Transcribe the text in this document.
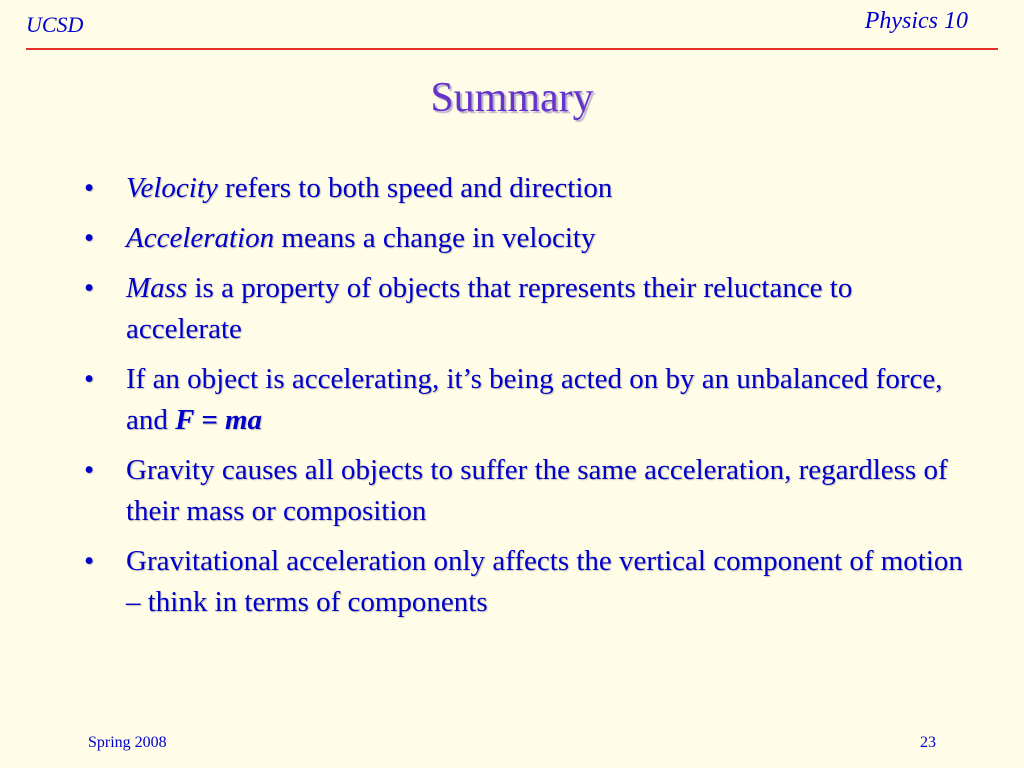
UCSD	Physics 10
Summary
• Velocity refers to both speed and direction
• Acceleration means a change in velocity
• Mass is a property of objects that represents their reluctance to accelerate
• If an object is accelerating, it’s being acted on by an unbalanced force, and F = ma
• Gravity causes all objects to suffer the same acceleration, regardless of their mass or composition
• Gravitational acceleration only affects the vertical component of motion – think in terms of components
Spring 2008	23
